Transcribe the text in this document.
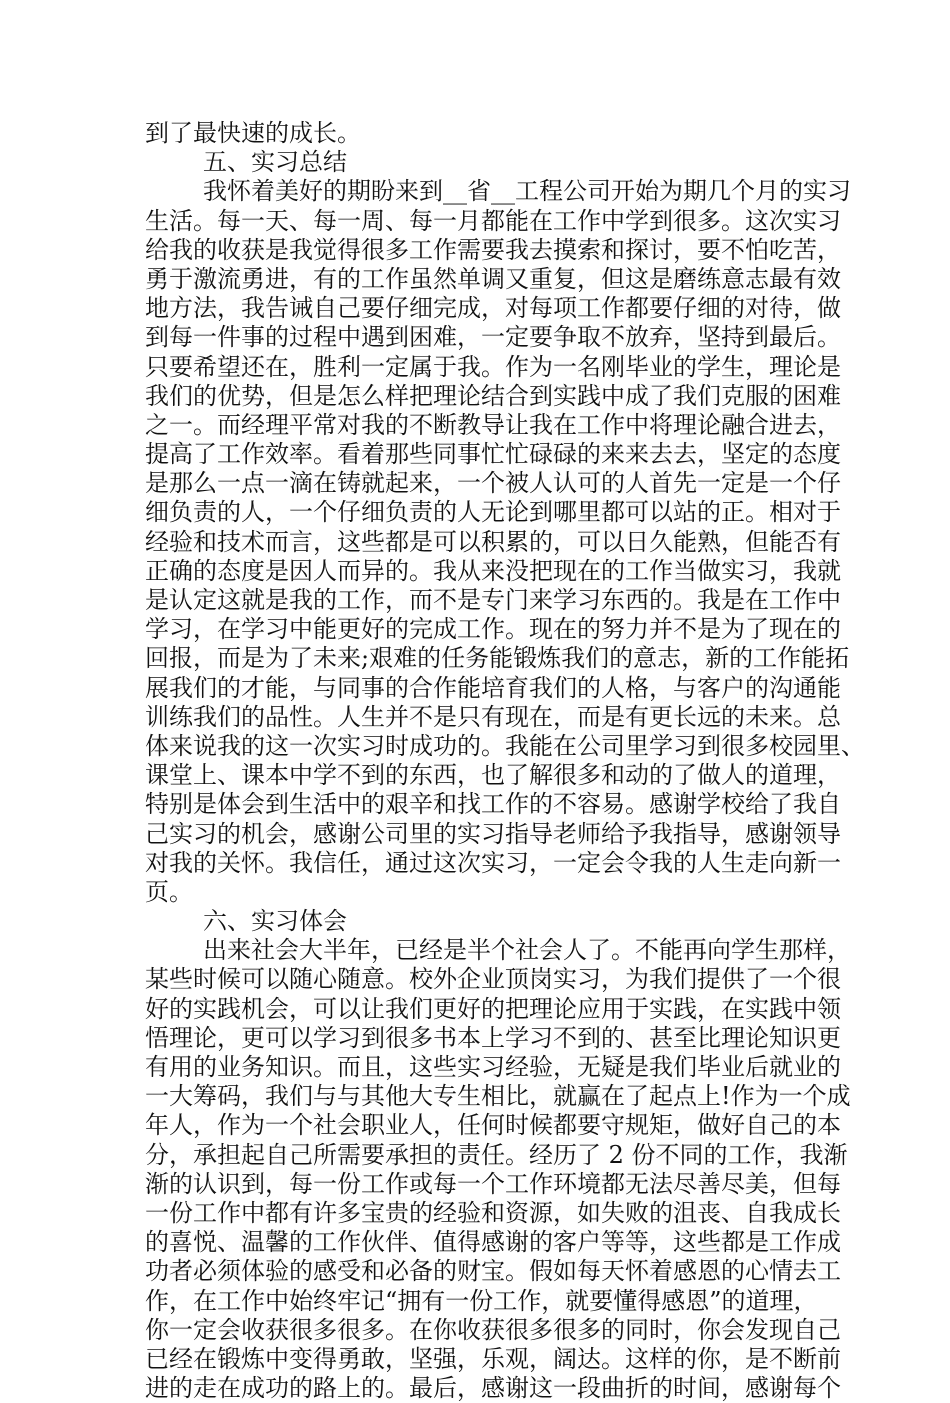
到了最快速的成长。
五、实习总结
我怀着美好的期盼来到__省__工程公司开始为期几个月的实习
生活。每一天、每一周、每一月都能在工作中学到很多。这次实习
给我的收获是我觉得很多工作需要我去摸索和探讨，要不怕吃苦，
勇于激流勇进，有的工作虽然单调又重复，但这是磨练意志最有效
地方法，我告诫自己要仔细完成，对每项工作都要仔细的对待，做
到每一件事的过程中遇到困难，一定要争取不放弃，坚持到最后。
只要希望还在，胜利一定属于我。作为一名刚毕业的学生，理论是
我们的优势，但是怎么样把理论结合到实践中成了我们克服的困难
之一。而经理平常对我的不断教导让我在工作中将理论融合进去，
提高了工作效率。看着那些同事忙忙碌碌的来来去去，坚定的态度
是那么一点一滴在铸就起来，一个被人认可的人首先一定是一个仔
细负责的人，一个仔细负责的人无论到哪里都可以站的正。相对于
经验和技术而言，这些都是可以积累的，可以日久能熟，但能否有
正确的态度是因人而异的。我从来没把现在的工作当做实习，我就
是认定这就是我的工作，而不是专门来学习东西的。我是在工作中
学习，在学习中能更好的完成工作。现在的努力并不是为了现在的
回报，而是为了未来;艰难的任务能锻炼我们的意志，新的工作能拓
展我们的才能，与同事的合作能培育我们的人格，与客户的沟通能
训练我们的品性。人生并不是只有现在，而是有更长远的未来。总
体来说我的这一次实习时成功的。我能在公司里学习到很多校园里、
课堂上、课本中学不到的东西，也了解很多和动的了做人的道理，
特别是体会到生活中的艰辛和找工作的不容易。感谢学校给了我自
己实习的机会，感谢公司里的实习指导老师给予我指导，感谢领导
对我的关怀。我信任，通过这次实习，一定会令我的人生走向新一
页。
六、实习体会
出来社会大半年，已经是半个社会人了。不能再向学生那样，
某些时候可以随心随意。校外企业顶岗实习，为我们提供了一个很
好的实践机会，可以让我们更好的把理论应用于实践，在实践中领
悟理论，更可以学习到很多书本上学习不到的、甚至比理论知识更
有用的业务知识。而且，这些实习经验，无疑是我们毕业后就业的
一大筹码，我们与与其他大专生相比，就赢在了起点上!作为一个成
年人，作为一个社会职业人，任何时候都要守规矩，做好自己的本
分，承担起自己所需要承担的责任。经历了 2 份不同的工作，我渐
渐的认识到，每一份工作或每一个工作环境都无法尽善尽美，但每
一份工作中都有许多宝贵的经验和资源，如失败的沮丧、自我成长
的喜悦、温馨的工作伙伴、值得感谢的客户等等，这些都是工作成
功者必须体验的感受和必备的财宝。假如每天怀着感恩的心情去工
作，在工作中始终牢记“拥有一份工作，就要懂得感恩”的道理，
你一定会收获很多很多。在你收获很多很多的同时，你会发现自己
已经在锻炼中变得勇敢，坚强，乐观，阔达。这样的你，是不断前
进的走在成功的路上的。最后，感谢这一段曲折的时间，感谢每个
